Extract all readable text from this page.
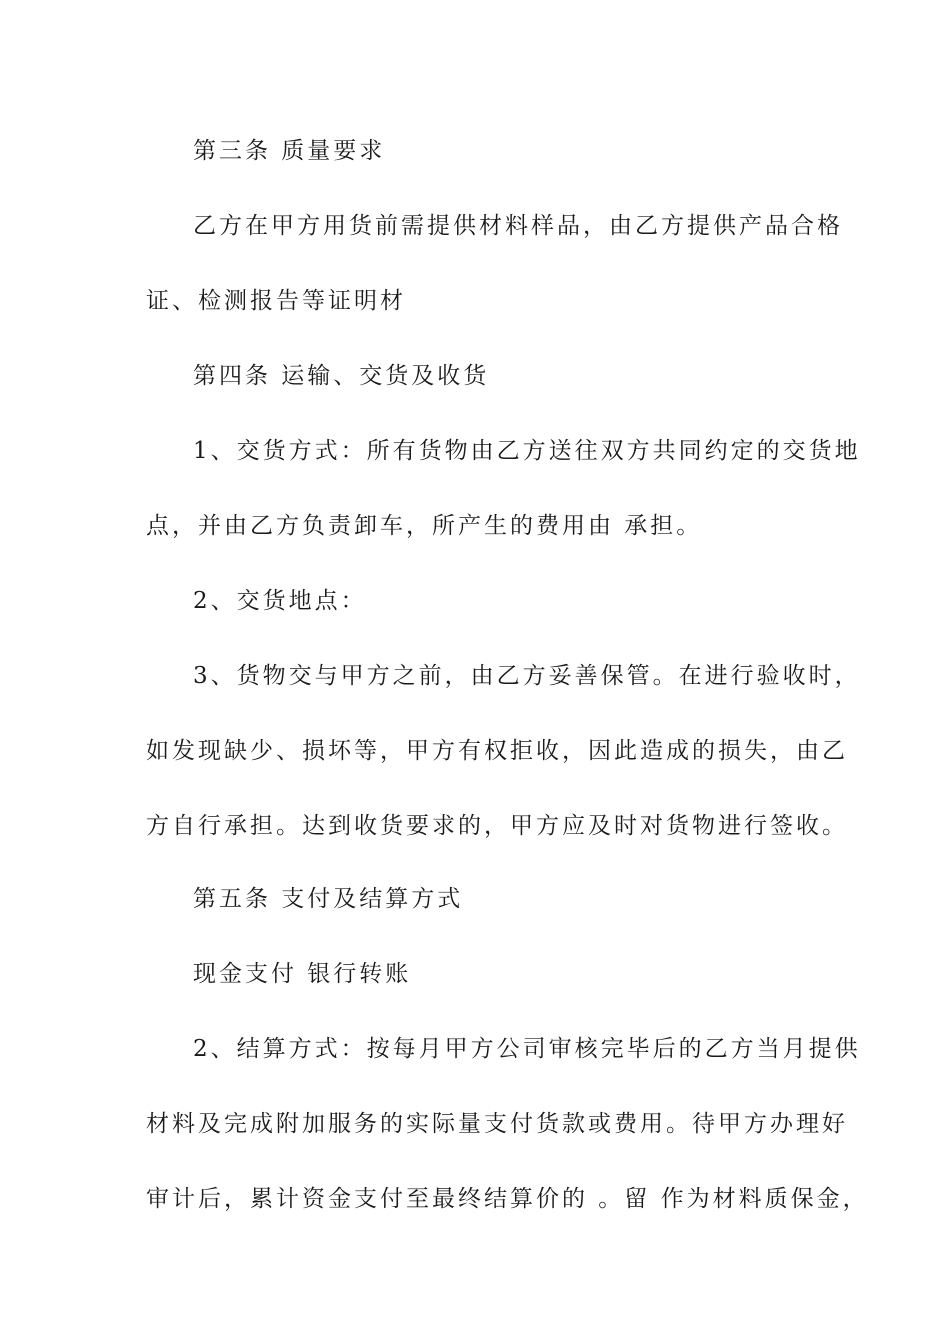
第三条 质量要求
乙方在甲方用货前需提供材料样品，由乙方提供产品合格
证、检测报告等证明材
第四条 运输、交货及收货
1、交货方式：所有货物由乙方送往双方共同约定的交货地
点，并由乙方负责卸车，所产生的费用由 承担。
2、交货地点：
3、货物交与甲方之前，由乙方妥善保管。在进行验收时，
如发现缺少、损坏等，甲方有权拒收，因此造成的损失，由乙
方自行承担。达到收货要求的，甲方应及时对货物进行签收。
第五条 支付及结算方式
现金支付 银行转账
2、结算方式：按每月甲方公司审核完毕后的乙方当月提供
材料及完成附加服务的实际量支付货款或费用。待甲方办理好
审计后，累计资金支付至最终结算价的 。留 作为材料质保金，
